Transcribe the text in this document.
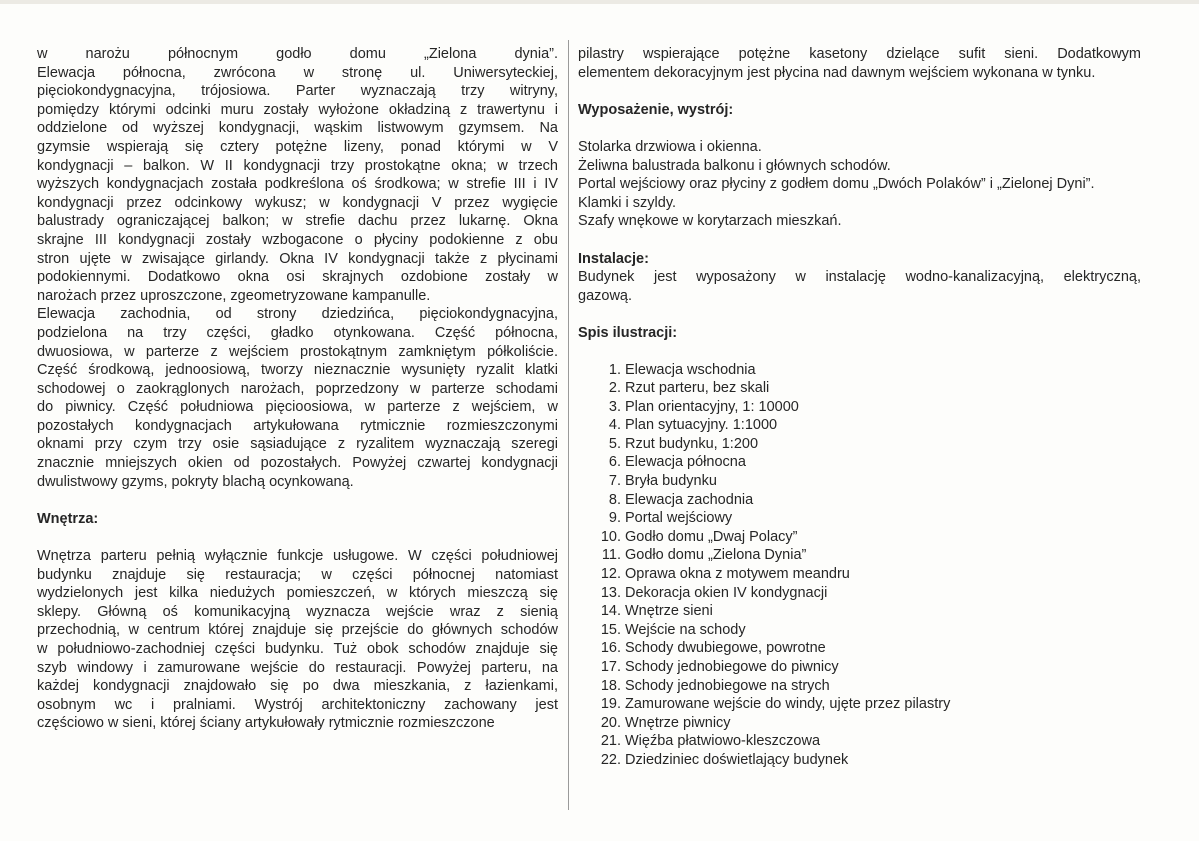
w narożu północnym godło domu „Zielona dynia”.
Elewacja północna, zwrócona w stronę ul. Uniwersyteckiej,
pięciokondygnacyjna, trójosiowa. Parter wyznaczają trzy witryny,
pomiędzy którymi odcinki muru zostały wyłożone okładziną z trawertynu i
oddzielone od wyższej kondygnacji, wąskim listwowym gzymsem. Na
gzymsie wspierają się cztery potężne lizeny, ponad którymi w V
kondygnacji – balkon. W II kondygnacji trzy prostokątne okna; w trzech
wyższych kondygnacjach została podkreślona oś środkowa; w strefie III i IV
kondygnacji przez odcinkowy wykusz; w kondygnacji V przez wygięcie
balustrady ograniczającej balkon; w strefie dachu przez lukarnę. Okna
skrajne III kondygnacji zostały wzbogacone o płyciny podokienne z obu
stron ujęte w zwisające girlandy. Okna IV kondygnacji także z płycinami
podokiennymi. Dodatkowo okna osi skrajnych ozdobione zostały w
narożach przez uproszczone, zgeometryzowane kampanulle.
Elewacja zachodnia, od strony dziedzińca, pięciokondygnacyjna,
podzielona na trzy części, gładko otynkowana. Część północna,
dwuosiowa, w parterze z wejściem prostokątnym zamkniętym półkoliście.
Część środkową, jednoosiową, tworzy nieznacznie wysunięty ryzalit klatki
schodowej o zaokrąglonych narożach, poprzedzony w parterze schodami
do piwnicy. Część południowa pięcioosiowa, w parterze z wejściem, w
pozostałych kondygnacjach artykułowana rytmicznie rozmieszczonymi
oknami przy czym trzy osie sąsiadujące z ryzalitem wyznaczają szeregi
znacznie mniejszych okien od pozostałych. Powyżej czwartej kondygnacji
dwulistwowy gzyms, pokryty blachą ocynkowaną.
Wnętrza:
Wnętrza parteru pełnią wyłącznie funkcje usługowe. W części południowej
budynku znajduje się restauracja; w części północnej natomiast
wydzielonych jest kilka niedużych pomieszczeń, w których mieszczą się
sklepy. Główną oś komunikacyjną wyznacza wejście wraz z sienią
przechodnią, w centrum której znajduje się przejście do głównych schodów
w południowo-zachodniej części budynku. Tuż obok schodów znajduje się
szyb windowy i zamurowane wejście do restauracji. Powyżej parteru, na
każdej kondygnacji znajdowało się po dwa mieszkania, z łazienkami,
osobnym wc i pralniami. Wystrój architektoniczny zachowany jest
częściowo w sieni, której ściany artykułowały rytmicznie rozmieszczone
pilastry wspierające potężne kasetony dzielące sufit sieni. Dodatkowym
elementem dekoracyjnym jest płycina nad dawnym wejściem wykonana w tynku.
Wyposażenie, wystrój:
Stolarka drzwiowa i okienna.
Żeliwna balustrada balkonu i głównych schodów.
Portal wejściowy oraz płyciny z godłem domu „Dwóch Polaków” i „Zielonej Dyni”.
Klamki i szyldy.
Szafy wnękowe w korytarzach mieszkań.
Instalacje:
Budynek jest wyposażony w instalację wodno-kanalizacyjną, elektryczną,
gazową.
Spis ilustracji:
1. Elewacja wschodnia
2. Rzut parteru, bez skali
3. Plan orientacyjny, 1: 10000
4. Plan sytuacyjny. 1:1000
5. Rzut budynku, 1:200
6. Elewacja północna
7. Bryła budynku
8. Elewacja zachodnia
9. Portal wejściowy
10. Godło domu „Dwaj Polacy”
11. Godło domu „Zielona Dynia”
12. Oprawa okna z motywem meandru
13. Dekoracja okien IV kondygnacji
14. Wnętrze sieni
15. Wejście na schody
16. Schody dwubiegowe, powrotne
17. Schody jednobiegowe do piwnicy
18. Schody jednobiegowe na strych
19. Zamurowane wejście do windy, ujęte przez pilastry
20. Wnętrze piwnicy
21. Więźba płatwiowo-kleszczowa
22. Dziedziniec doświetlający budynek
